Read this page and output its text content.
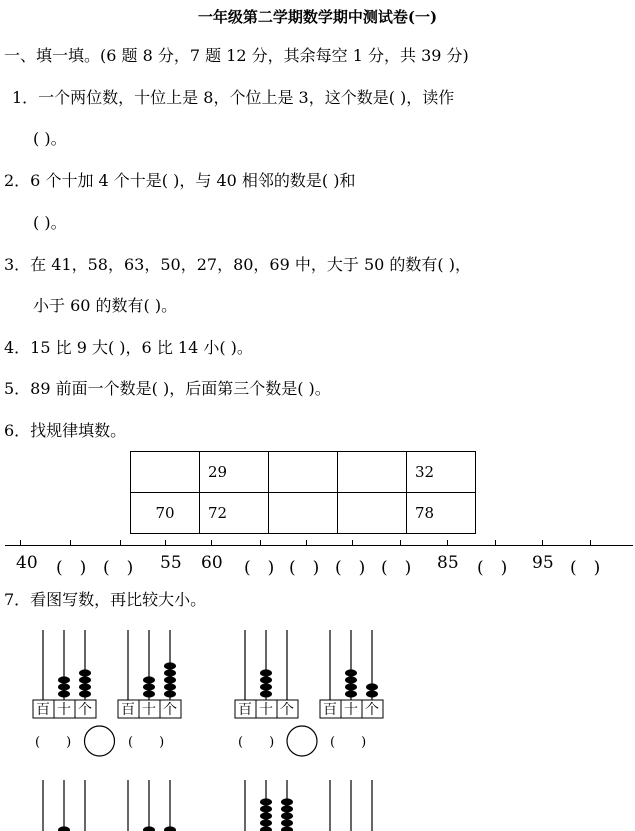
一年级第二学期数学期中测试卷(一)
一、填一填。(6 题 8 分，7 题 12 分，其余每空 1 分，共 39 分)
1．一个两位数，十位上是 8，个位上是 3，这个数是( )，读作
( )。
2．6 个十加 4 个十是( )，与 40 相邻的数是( )和
( )。
3．在 41，58，63，50，27，80，69 中，大于 50 的数有( )，
小于 60 的数有( )。
4．15 比 9 大( )，6 比 14 小( )。
5．89 前面一个数是( )，后面第三个数是( )。
6．找规律填数。
	29			32
70	72			78
40 (　) (　) 55 60 (　) (　) (　) (　) 85 (　) 95 (　)
7．看图写数，再比较大小。
百 十 个 百 十 个	百 十 个 百 十 个
(　　)	(　　)	(　　)	(　　)
